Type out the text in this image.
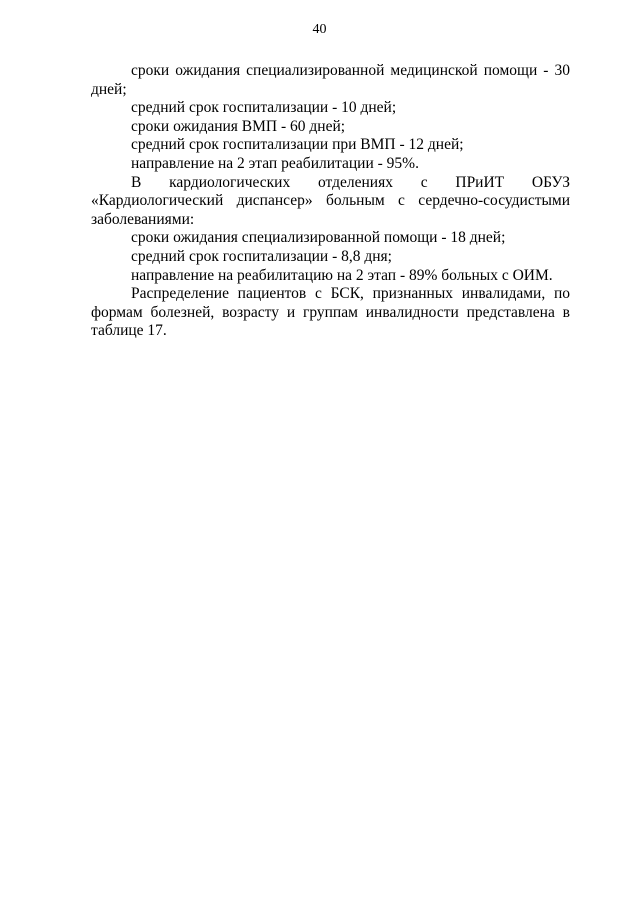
40

сроки ожидания специализированной медицинской помощи - 30 дней;

средний срок госпитализации - 10 дней;

сроки ожидания ВМП - 60 дней;

средний срок госпитализации при ВМП - 12 дней;

направление на 2 этап реабилитации - 95%.

В кардиологических отделениях с ПРиИТ ОБУЗ «Кардиологический диспансер» больным с сердечно-сосудистыми заболеваниями:

сроки ожидания специализированной помощи - 18 дней;

средний срок госпитализации - 8,8 дня;

направление на реабилитацию на 2 этап - 89% больных с ОИМ.

Распределение пациентов с БСК, признанных инвалидами, по формам болезней, возрасту и группам инвалидности представлена в таблице 17.
